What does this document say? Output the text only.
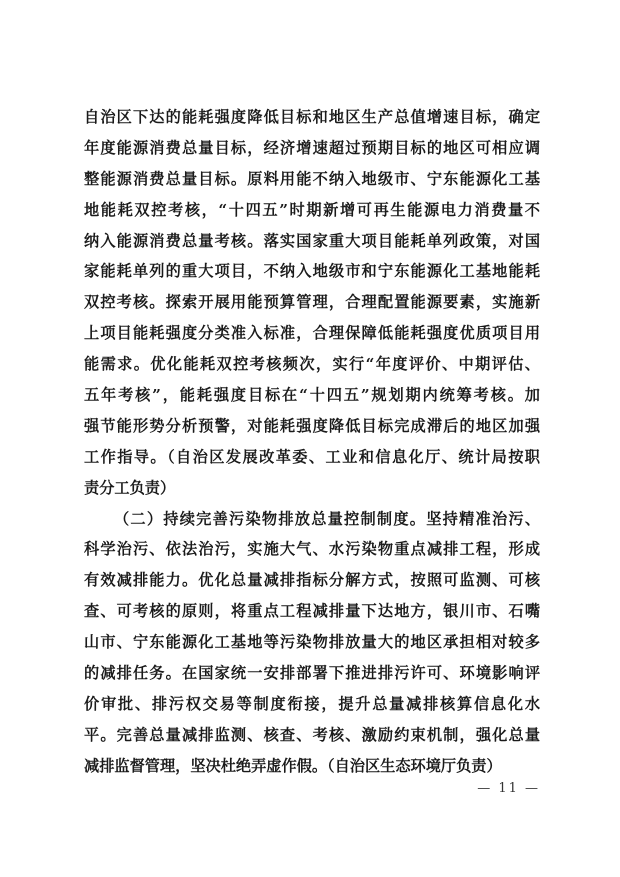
自治区下达的能耗强度降低目标和地区生产总值增速目标，确定
年度能源消费总量目标，经济增速超过预期目标的地区可相应调
整能源消费总量目标。原料用能不纳入地级市、宁东能源化工基
地能耗双控考核，“十四五”时期新增可再生能源电力消费量不
纳入能源消费总量考核。落实国家重大项目能耗单列政策，对国
家能耗单列的重大项目，不纳入地级市和宁东能源化工基地能耗
双控考核。探索开展用能预算管理，合理配置能源要素，实施新
上项目能耗强度分类准入标准，合理保障低能耗强度优质项目用
能需求。优化能耗双控考核频次，实行“年度评价、中期评估、
五年考核”，能耗强度目标在“十四五”规划期内统筹考核。加
强节能形势分析预警，对能耗强度降低目标完成滞后的地区加强
工作指导。（自治区发展改革委、工业和信息化厅、统计局按职
责分工负责）
（二）持续完善污染物排放总量控制制度。坚持精准治污、
科学治污、依法治污，实施大气、水污染物重点减排工程，形成
有效减排能力。优化总量减排指标分解方式，按照可监测、可核
查、可考核的原则，将重点工程减排量下达地方，银川市、石嘴
山市、宁东能源化工基地等污染物排放量大的地区承担相对较多
的减排任务。在国家统一安排部署下推进排污许可、环境影响评
价审批、排污权交易等制度衔接，提升总量减排核算信息化水
平。完善总量减排监测、核查、考核、激励约束机制，强化总量
减排监督管理，坚决杜绝弄虚作假。（自治区生态环境厅负责）
— 11 —
